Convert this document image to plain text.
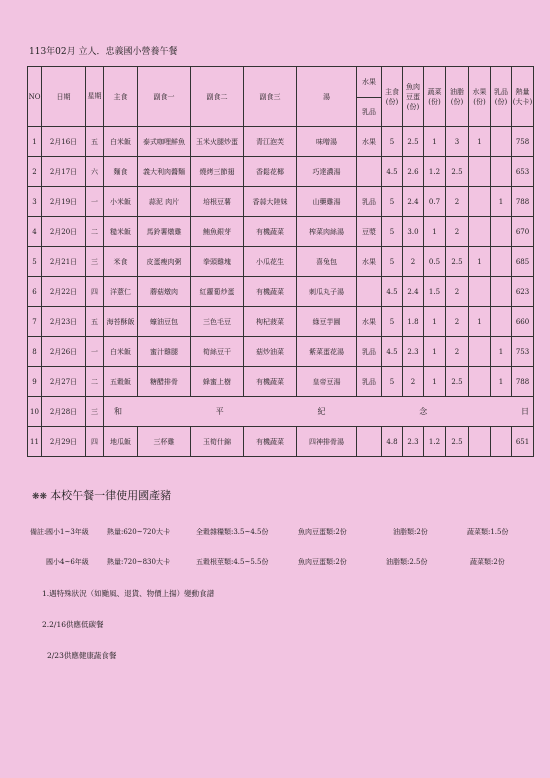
113年02月 立人．忠義國小營養午餐
NO	日期	星期	主食	副食一	副食二	副食三	湯	水果	主食(份)	魚肉豆蛋(份)	蔬菜(份)	油脂(份)	水果(份)	乳品(份)	熱量(大卡)
								乳品							
1	2月16日	五	白米飯	泰式咖哩鮮魚	玉米火腿炒蛋	青江泡芙	味噌湯	水果	5	2.5	1	3	1		758
2	2月17日	六	麵食	義大利肉醬麵	燒烤三節翅	香鬆花椰	巧達濃湯		4.5	2.6	1.2	2.5			653
3	2月19日	一	小米飯	蒜泥 肉片	培根豆薯	香蒜大陸妹	山藥雞湯	乳品	5	2.4	0.7	2		1	788
4	2月20日	二	糙米飯	馬鈴薯燉雞	鮪魚銀芽	有機蔬菜	榨菜肉絲湯	豆漿	5	3.0	1	2			670
5	2月21日	三	米食	皮蛋瘦肉粥	拳頭雞塊	小瓜花生	喜兔包	水果	5	2	0.5	2.5	1		685
6	2月22日	四	洋薏仁	蘑菇燉肉	紅蘿蔔炒蛋	有機蔬菜	刺瓜丸子湯		4.5	2.4	1.5	2			623
7	2月23日	五	海苔酥飯	蠔油豆包	三色毛豆	枸杞菠菜	綠豆芋圓	水果	5	1.8	1	2	1		660
8	2月26日	一	白米飯	蜜汁雞腿	筍絲豆干	菇炒油菜	紫菜蛋花湯	乳品	4.5	2.3	1	2		1	753
9	2月27日	二	五穀飯	糖醋排骨	蜂蜜上樹	有機蔬菜	皇帝豆湯	乳品	5	2	1	2.5		1	788
10	2月28日	三	和 平 紀 念 日												

11	2月29日	四	地瓜飯	三杯雞	玉筍什錦	有機蔬菜	四神排骨湯		4.8	2.3	1.2	2.5			651
❋❋ 本校午餐一律使用國產豬
備註: 國小1~3年級	熱量:620~720大卡	全穀雜糧類:3.5~4.5份	魚肉豆蛋類:2份	油脂類:2份	蔬菜類:1.5份
國小4~6年級	熱量:720~830大卡	五穀根莖類:4.5~5.5份	魚肉豆蛋類:2份	油脂類:2.5份	蔬菜類:2份
1.遇特殊狀況（如颱風、退貨、物價上揚）變動食譜
2.2/16供應低碳餐
2/23供應健康蔬食餐
